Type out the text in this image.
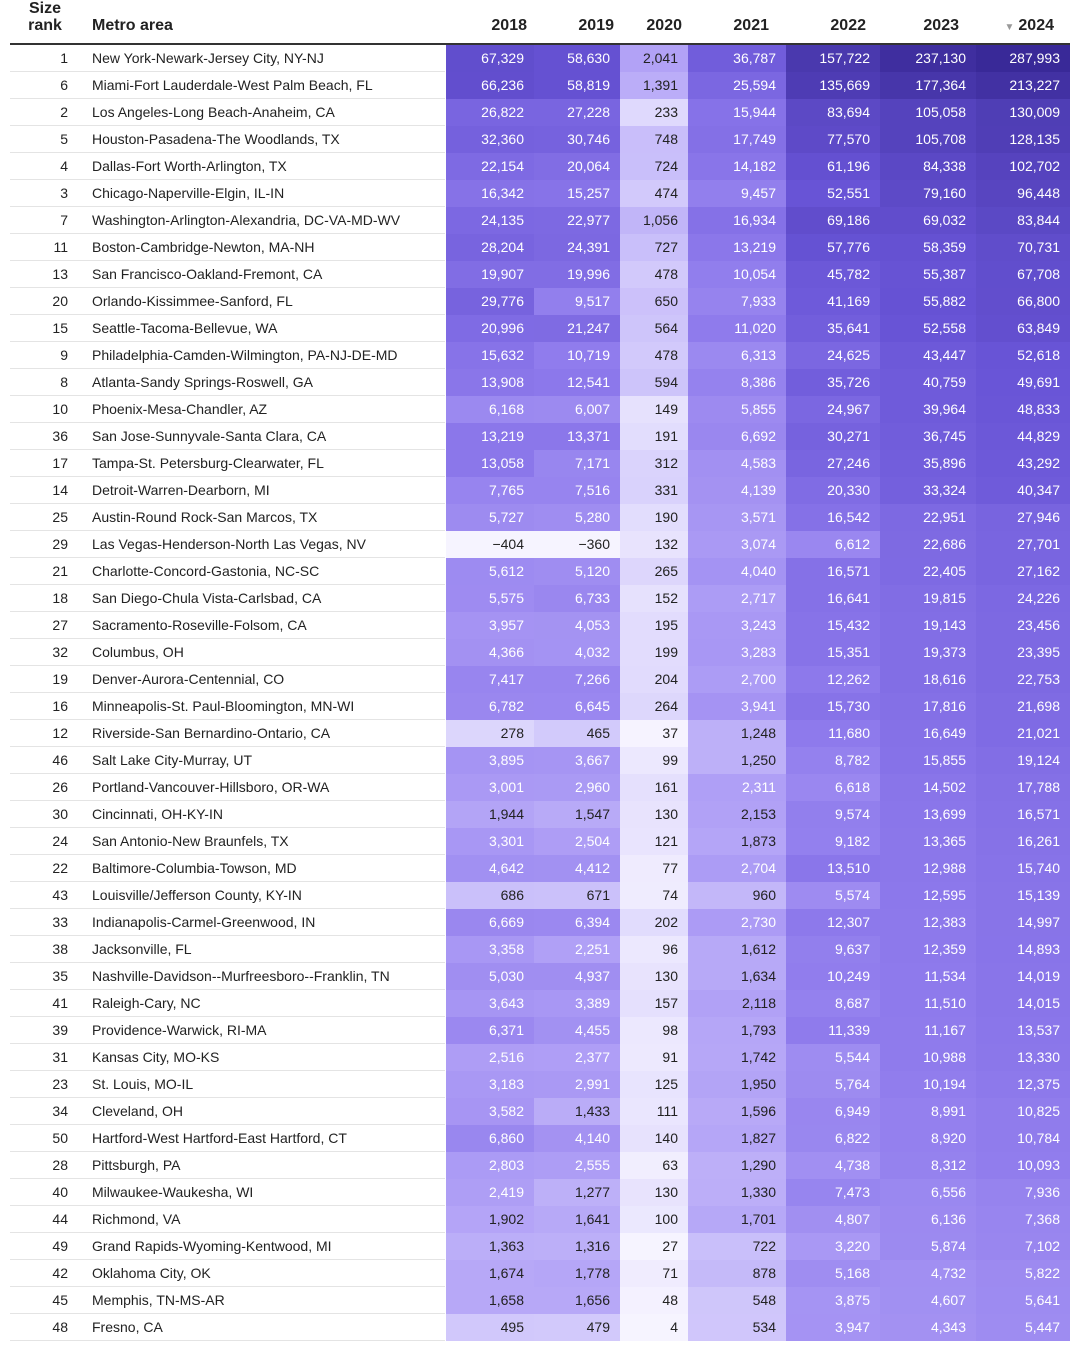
Size rank	Metro area	2018	2019	2020	2021	2022	2023	▼ 2024
1 New York-Newark-Jersey City, NY-NJ	67,329	58,630	2,041	36,787	157,722	237,130	287,993
6 Miami-Fort Lauderdale-West Palm Beach, FL	66,236	58,819	1,391	25,594	135,669	177,364	213,227
2 Los Angeles-Long Beach-Anaheim, CA	26,822	27,228	233	15,944	83,694	105,058	130,009
5 Houston-Pasadena-The Woodlands, TX	32,360	30,746	748	17,749	77,570	105,708	128,135
4 Dallas-Fort Worth-Arlington, TX	22,154	20,064	724	14,182	61,196	84,338	102,702
3 Chicago-Naperville-Elgin, IL-IN	16,342	15,257	474	9,457	52,551	79,160	96,448
7 Washington-Arlington-Alexandria, DC-VA-MD-WV	24,135	22,977	1,056	16,934	69,186	69,032	83,844
11 Boston-Cambridge-Newton, MA-NH	28,204	24,391	727	13,219	57,776	58,359	70,731
13 San Francisco-Oakland-Fremont, CA	19,907	19,996	478	10,054	45,782	55,387	67,708
20 Orlando-Kissimmee-Sanford, FL	29,776	9,517	650	7,933	41,169	55,882	66,800
15 Seattle-Tacoma-Bellevue, WA	20,996	21,247	564	11,020	35,641	52,558	63,849
9 Philadelphia-Camden-Wilmington, PA-NJ-DE-MD	15,632	10,719	478	6,313	24,625	43,447	52,618
8 Atlanta-Sandy Springs-Roswell, GA	13,908	12,541	594	8,386	35,726	40,759	49,691
10 Phoenix-Mesa-Chandler, AZ	6,168	6,007	149	5,855	24,967	39,964	48,833
36 San Jose-Sunnyvale-Santa Clara, CA	13,219	13,371	191	6,692	30,271	36,745	44,829
17 Tampa-St. Petersburg-Clearwater, FL	13,058	7,171	312	4,583	27,246	35,896	43,292
14 Detroit-Warren-Dearborn, MI	7,765	7,516	331	4,139	20,330	33,324	40,347
25 Austin-Round Rock-San Marcos, TX	5,727	5,280	190	3,571	16,542	22,951	27,946
29 Las Vegas-Henderson-North Las Vegas, NV	−404	−360	132	3,074	6,612	22,686	27,701
21 Charlotte-Concord-Gastonia, NC-SC	5,612	5,120	265	4,040	16,571	22,405	27,162
18 San Diego-Chula Vista-Carlsbad, CA	5,575	6,733	152	2,717	16,641	19,815	24,226
27 Sacramento-Roseville-Folsom, CA	3,957	4,053	195	3,243	15,432	19,143	23,456
32 Columbus, OH	4,366	4,032	199	3,283	15,351	19,373	23,395
19 Denver-Aurora-Centennial, CO	7,417	7,266	204	2,700	12,262	18,616	22,753
16 Minneapolis-St. Paul-Bloomington, MN-WI	6,782	6,645	264	3,941	15,730	17,816	21,698
12 Riverside-San Bernardino-Ontario, CA	278	465	37	1,248	11,680	16,649	21,021
46 Salt Lake City-Murray, UT	3,895	3,667	99	1,250	8,782	15,855	19,124
26 Portland-Vancouver-Hillsboro, OR-WA	3,001	2,960	161	2,311	6,618	14,502	17,788
30 Cincinnati, OH-KY-IN	1,944	1,547	130	2,153	9,574	13,699	16,571
24 San Antonio-New Braunfels, TX	3,301	2,504	121	1,873	9,182	13,365	16,261
22 Baltimore-Columbia-Towson, MD	4,642	4,412	77	2,704	13,510	12,988	15,740
43 Louisville/Jefferson County, KY-IN	686	671	74	960	5,574	12,595	15,139
33 Indianapolis-Carmel-Greenwood, IN	6,669	6,394	202	2,730	12,307	12,383	14,997
38 Jacksonville, FL	3,358	2,251	96	1,612	9,637	12,359	14,893
35 Nashville-Davidson--Murfreesboro--Franklin, TN	5,030	4,937	130	1,634	10,249	11,534	14,019
41 Raleigh-Cary, NC	3,643	3,389	157	2,118	8,687	11,510	14,015
39 Providence-Warwick, RI-MA	6,371	4,455	98	1,793	11,339	11,167	13,537
31 Kansas City, MO-KS	2,516	2,377	91	1,742	5,544	10,988	13,330
23 St. Louis, MO-IL	3,183	2,991	125	1,950	5,764	10,194	12,375
34 Cleveland, OH	3,582	1,433	111	1,596	6,949	8,991	10,825
50 Hartford-West Hartford-East Hartford, CT	6,860	4,140	140	1,827	6,822	8,920	10,784
28 Pittsburgh, PA	2,803	2,555	63	1,290	4,738	8,312	10,093
40 Milwaukee-Waukesha, WI	2,419	1,277	130	1,330	7,473	6,556	7,936
44 Richmond, VA	1,902	1,641	100	1,701	4,807	6,136	7,368
49 Grand Rapids-Wyoming-Kentwood, MI	1,363	1,316	27	722	3,220	5,874	7,102
42 Oklahoma City, OK	1,674	1,778	71	878	5,168	4,732	5,822
45 Memphis, TN-MS-AR	1,658	1,656	48	548	3,875	4,607	5,641
48 Fresno, CA	495	479	4	534	3,947	4,343	5,447
